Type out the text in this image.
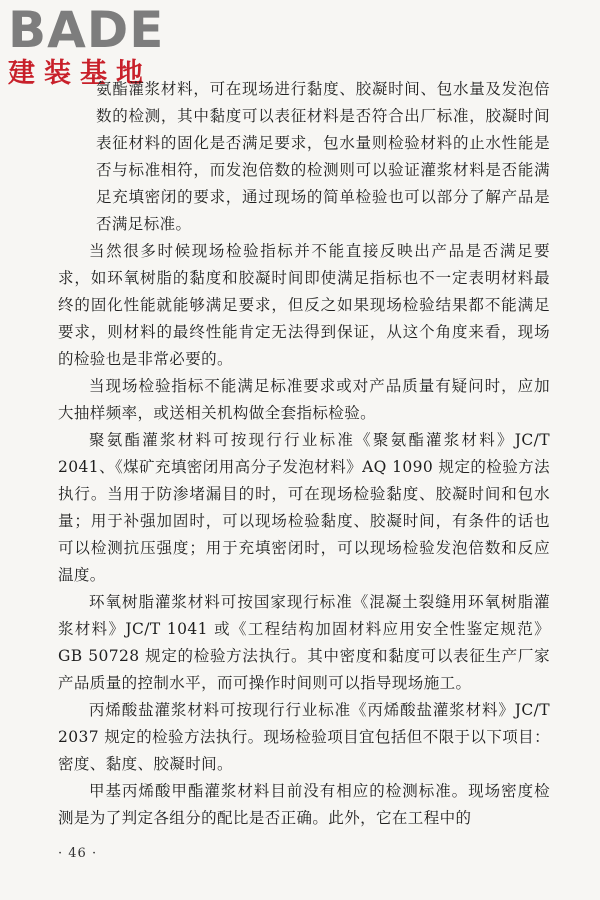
BADE
建装基地

氨酯灌浆材料，可在现场进行黏度、胶凝时间、包水量及发泡倍数的检测，其中黏度可以表征材料是否符合出厂标准，胶凝时间表征材料的固化是否满足要求，包水量则检验材料的止水性能是否与标准相符，而发泡倍数的检测则可以验证灌浆材料是否能满足充填密闭的要求，通过现场的简单检验也可以部分了解产品是否满足标准。

当然很多时候现场检验指标并不能直接反映出产品是否满足要求，如环氧树脂的黏度和胶凝时间即使满足指标也不一定表明材料最终的固化性能就能够满足要求，但反之如果现场检验结果都不能满足要求，则材料的最终性能肯定无法得到保证，从这个角度来看，现场的检验也是非常必要的。

当现场检验指标不能满足标准要求或对产品质量有疑问时，应加大抽样频率，或送相关机构做全套指标检验。

聚氨酯灌浆材料可按现行行业标准《聚氨酯灌浆材料》JC/T 2041、《煤矿充填密闭用高分子发泡材料》AQ 1090 规定的检验方法执行。当用于防渗堵漏目的时，可在现场检验黏度、胶凝时间和包水量；用于补强加固时，可以现场检验黏度、胶凝时间，有条件的话也可以检测抗压强度；用于充填密闭时，可以现场检验发泡倍数和反应温度。

环氧树脂灌浆材料可按国家现行标准《混凝土裂缝用环氧树脂灌浆材料》JC/T 1041 或《工程结构加固材料应用安全性鉴定规范》GB 50728 规定的检验方法执行。其中密度和黏度可以表征生产厂家产品质量的控制水平，而可操作时间则可以指导现场施工。

丙烯酸盐灌浆材料可按现行行业标准《丙烯酸盐灌浆材料》JC/T 2037 规定的检验方法执行。现场检验项目宜包括但不限于以下项目：密度、黏度、胶凝时间。

甲基丙烯酸甲酯灌浆材料目前没有相应的检测标准。现场密度检测是为了判定各组分的配比是否正确。此外，它在工程中的

· 46 ·
